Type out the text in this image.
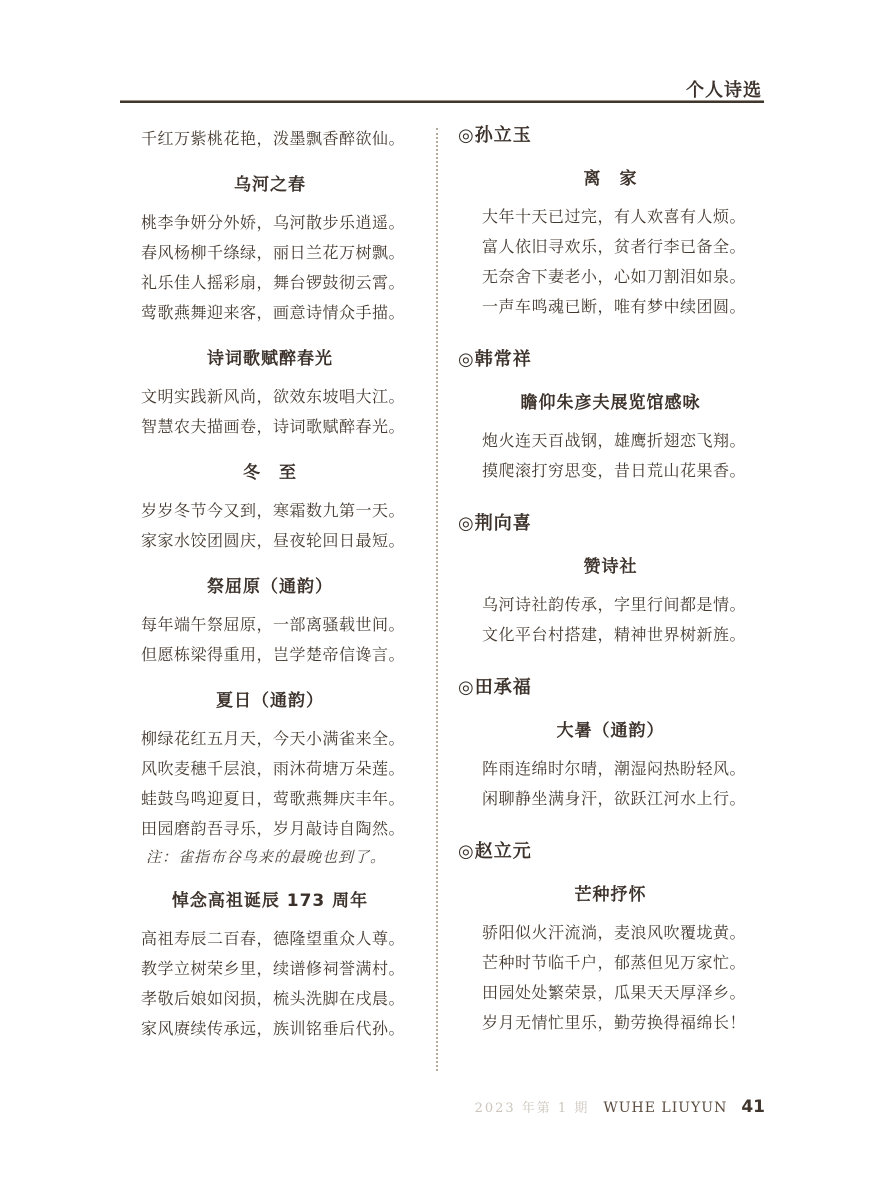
个人诗选

千红万紫桃花艳，泼墨飘香醉欲仙。

乌河之春

桃李争妍分外娇，乌河散步乐逍遥。

春风杨柳千绦绿，丽日兰花万树飘。

礼乐佳人摇彩扇，舞台锣鼓彻云霄。

莺歌燕舞迎来客，画意诗情众手描。

诗词歌赋醉春光

文明实践新风尚，欲效东坡唱大江。

智慧农夫描画卷，诗词歌赋醉春光。

冬　至

岁岁冬节今又到，寒霜数九第一天。

家家水饺团圆庆，昼夜轮回日最短。

祭屈原（通韵）

每年端午祭屈原，一部离骚载世间。

但愿栋梁得重用，岂学楚帝信谗言。

夏日（通韵）

柳绿花红五月天，今天小满雀来全。

风吹麦穗千层浪，雨沐荷塘万朵莲。

蛙鼓鸟鸣迎夏日，莺歌燕舞庆丰年。

田园磨韵吾寻乐，岁月敲诗自陶然。

注：雀指布谷鸟来的最晚也到了。

悼念高祖诞辰 173 周年

高祖寿辰二百春，德隆望重众人尊。

教学立树荣乡里，续谱修祠誉满村。

孝敬后娘如闵损，梳头洗脚在戌晨。

家风赓续传承远，族训铭垂后代孙。

◎孙立玉
离　家

大年十天已过完，有人欢喜有人烦。

富人依旧寻欢乐，贫者行李已备全。

无奈舍下妻老小，心如刀割泪如泉。

一声车鸣魂已断，唯有梦中续团圆。

◎韩常祥
瞻仰朱彦夫展览馆感咏

炮火连天百战钢，雄鹰折翅恋飞翔。

摸爬滚打穷思变，昔日荒山花果香。

◎荆向喜
赞诗社

乌河诗社韵传承，字里行间都是情。

文化平台村搭建，精神世界树新旌。

◎田承福
大暑（通韵）

阵雨连绵时尔晴，潮湿闷热盼轻风。

闲聊静坐满身汗，欲跃江河水上行。

◎赵立元
芒种抒怀

骄阳似火汗流淌，麦浪风吹覆垅黄。

芒种时节临千户，郁蒸但见万家忙。

田园处处繁荣景，瓜果天天厚泽乡。

岁月无情忙里乐，勤劳换得福绵长！

2023 年第 1 期 WUHE LIUYUN 41
